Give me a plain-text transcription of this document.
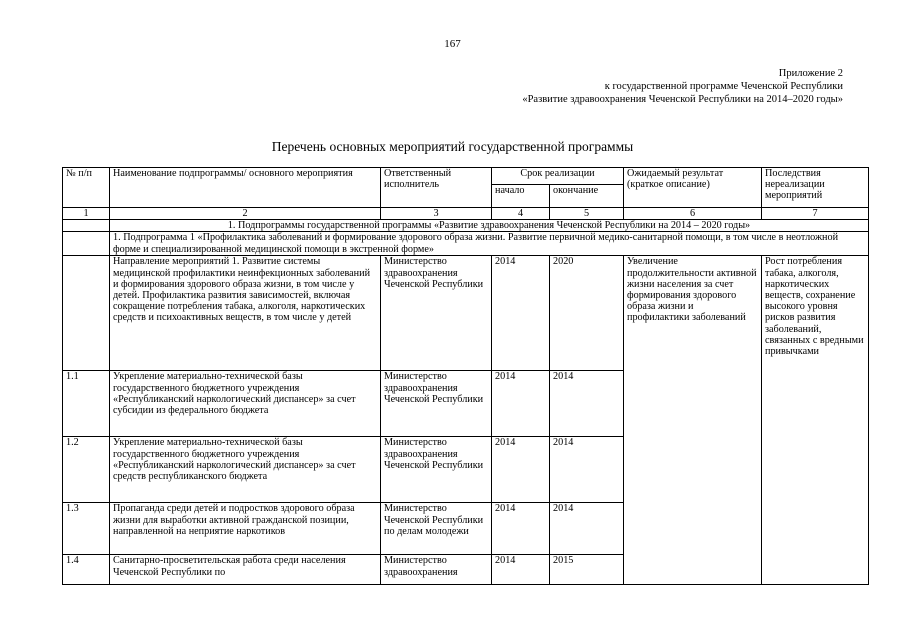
167
Приложение 2
к государственной программе Чеченской Республики
«Развитие здравоохранения Чеченской Республики на 2014–2020 годы»
Перечень основных мероприятий государственной программы
№ п/п	Наименование подпрограммы/ основного мероприятия	Ответственный исполнитель	Срок реализации		Ожидаемый результат (краткое описание)	Последствия нереализации мероприятий
			начало	окончание		
1	2	3	4	5	6	7
	1. Подпрограммы государственной программы «Развитие здравоохранения Чеченской Республики на 2014 – 2020 годы»					
	1. Подпрограмма 1 «Профилактика заболеваний и формирование здорового образа жизни. Развитие первичной медико-санитарной помощи, в том числе в неотложной форме и специализированной медицинской помощи в экстренной форме»					
	Направление мероприятий 1. Развитие системы медицинской профилактики неинфекционных заболеваний и формирования здорового образа жизни, в том числе у детей. Профилактика развития зависимостей, включая сокращение потребления табака, алкоголя, наркотических средств и психоактивных веществ, в том числе у детей	Министерство здравоохранения Чеченской Республики	2014	2020	Увеличение продолжительности активной жизни населения за счет формирования здорового образа жизни и профилактики заболеваний	Рост потребления табака, алкоголя, наркотических веществ, сохранение высокого уровня рисков развития заболеваний, связанных с вредными привычками
1.1	Укрепление материально-технической базы государственного бюджетного учреждения «Республиканский наркологический диспансер» за счет субсидии из федерального бюджета	Министерство здравоохранения Чеченской Республики	2014	2014		
1.2	Укрепление материально-технической базы государственного бюджетного учреждения «Республиканский наркологический диспансер» за счет средств республиканского бюджета	Министерство здравоохранения Чеченской Республики	2014	2014		
1.3	Пропаганда среди детей и подростков здорового образа жизни для выработки активной гражданской позиции, направленной на неприятие наркотиков	Министерство Чеченской Республики по делам молодежи	2014	2014		
1.4	Санитарно-просветительская работа среди населения Чеченской Республики по	Министерство здравоохранения	2014	2015		
